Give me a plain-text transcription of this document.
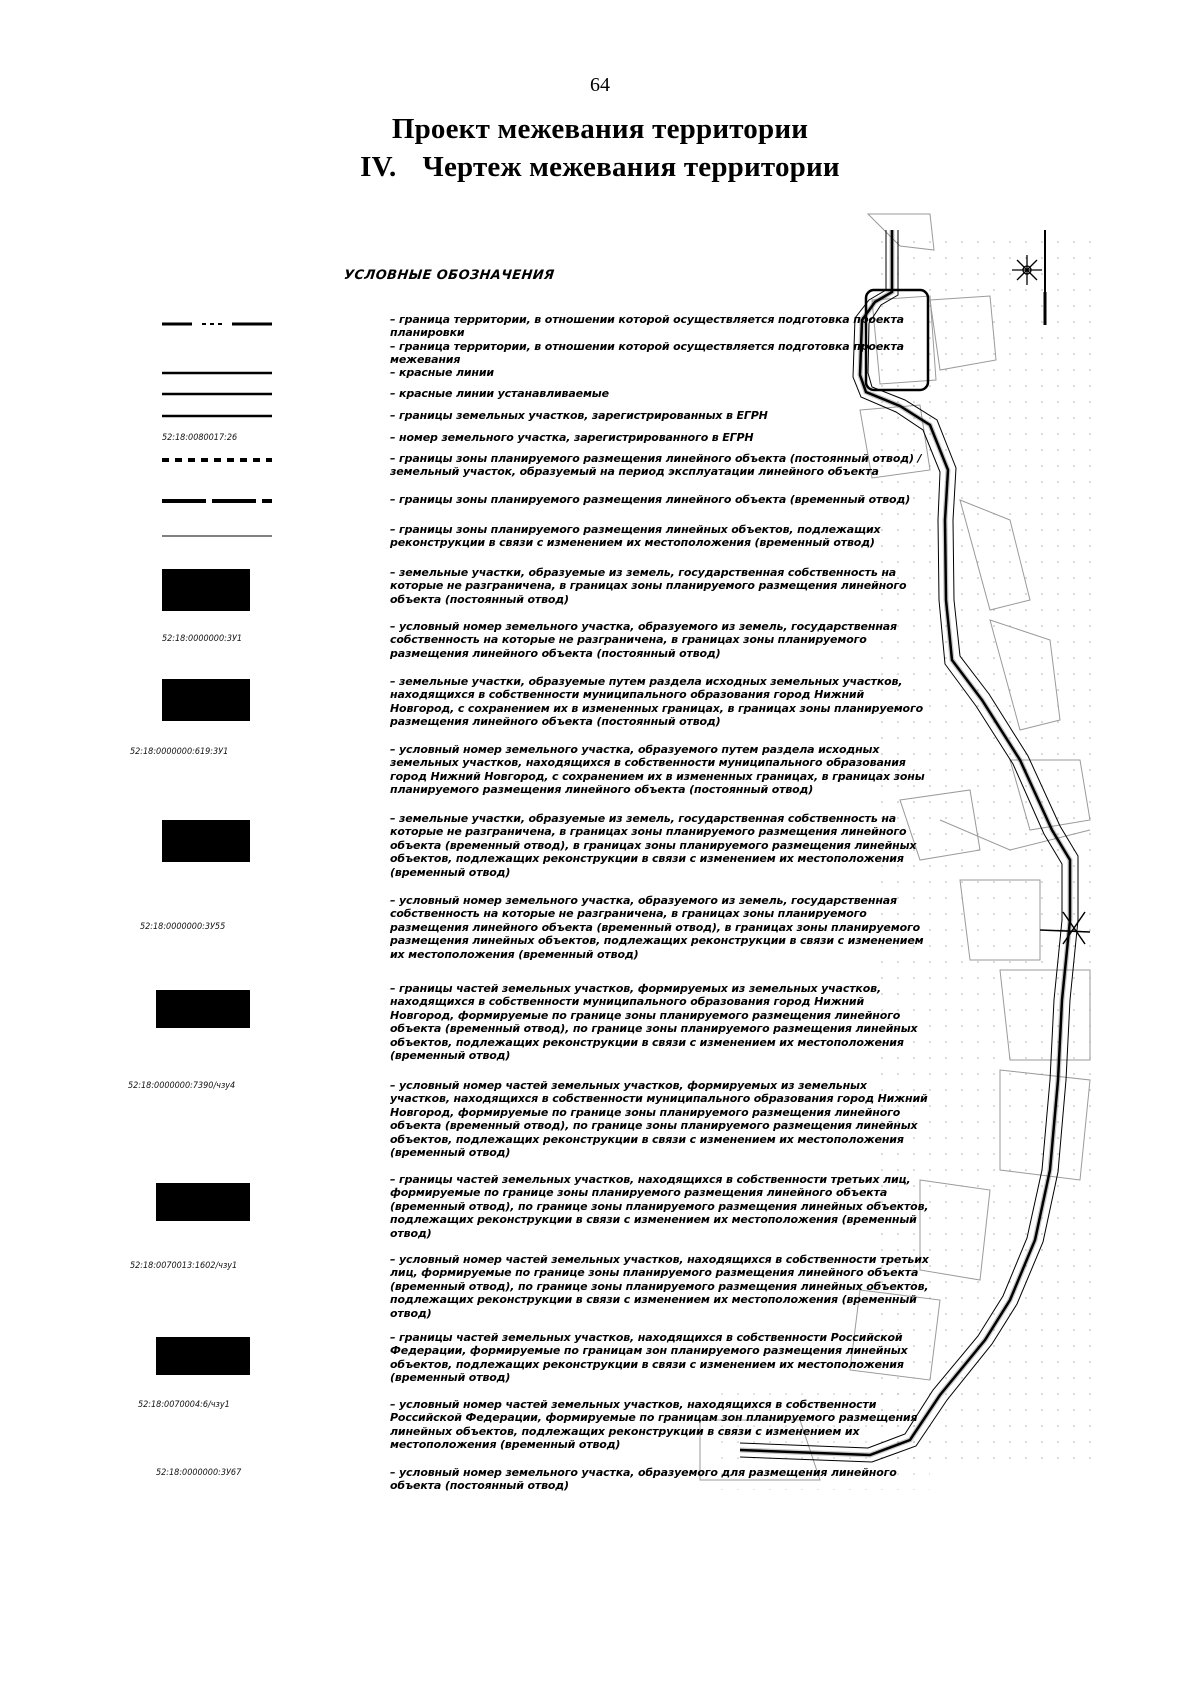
64
Проект межевания территории
IV. Чертеж межевания территории
УСЛОВНЫЕ ОБОЗНАЧЕНИЯ
– граница территории, в отношении которой осуществляется подготовка проекта планировки
– граница территории, в отношении которой осуществляется подготовка проекта межевания
– красные линии
– красные линии устанавливаемые
– границы земельных участков, зарегистрированных в ЕГРН
52:18:0080017:26	– номер земельного участка, зарегистрированного в ЕГРН
– границы зоны планируемого размещения линейного объекта (постоянный отвод) / земельный участок, образуемый на период эксплуатации линейного объекта
– границы зоны планируемого размещения линейного объекта (временный отвод)
– границы зоны планируемого размещения линейных объектов, подлежащих реконструкции в связи с изменением их местоположения (временный отвод)
– земельные участки, образуемые из земель, государственная собственность на которые не разграничена, в границах зоны планируемого размещения линейного объекта (постоянный отвод)
52:18:0000000:3У1
– условный номер земельного участка, образуемого из земель, государственная собственность на которые не разграничена, в границах зоны планируемого размещения линейного объекта (постоянный отвод)
– земельные участки, образуемые путем раздела исходных земельных участков, находящихся в собственности муниципального образования город Нижний Новгород, с сохранением их в измененных границах, в границах зоны планируемого размещения линейного объекта (постоянный отвод)
52:18:0000000:619:3У1	– условный номер земельного участка, образуемого путем раздела исходных земельных участков, находящихся в собственности муниципального образования город Нижний Новгород, с сохранением их в измененных границах, в границах зоны планируемого размещения линейного объекта (постоянный отвод)
– земельные участки, образуемые из земель, государственная собственность на которые не разграничена, в границах зоны планируемого размещения линейного объекта (временный отвод), в границах зоны планируемого размещения линейных объектов, подлежащих реконструкции в связи с изменением их местоположения (временный отвод)
52:18:0000000:3У55
– условный номер земельного участка, образуемого из земель, государственная собственность на которые не разграничена, в границах зоны планируемого размещения линейного объекта (временный отвод), в границах зоны планируемого размещения линейных объектов, подлежащих реконструкции в связи с изменением их местоположения (временный отвод)
– границы частей земельных участков, формируемых из земельных участков, находящихся в собственности муниципального образования город Нижний Новгород, формируемые по границе зоны планируемого размещения линейного объекта (временный отвод), по границе зоны планируемого размещения линейных объектов, подлежащих реконструкции в связи с изменением их местоположения (временный отвод)
52:18:0000000:7390/чзу4	– условный номер частей земельных участков, формируемых из земельных участков, находящихся в собственности муниципального образования город Нижний Новгород, формируемые по границе зоны планируемого размещения линейного объекта (временный отвод), по границе зоны планируемого размещения линейных объектов, подлежащих реконструкции в связи с изменением их местоположения (временный отвод)
– границы частей земельных участков, находящихся в собственности третьих лиц, формируемые по границе зоны планируемого размещения линейного объекта (временный отвод), по границе зоны планируемого размещения линейных объектов, подлежащих реконструкции в связи с изменением их местоположения (временный отвод)
52:18:0070013:1602/чзу1	– условный номер частей земельных участков, находящихся в собственности третьих лиц, формируемые по границе зоны планируемого размещения линейного объекта (временный отвод), по границе зоны планируемого размещения линейных объектов, подлежащих реконструкции в связи с изменением их местоположения (временный отвод)
– границы частей земельных участков, находящихся в собственности Российской Федерации, формируемые по границам зон планируемого размещения линейных объектов, подлежащих реконструкции в связи с изменением их местоположения (временный отвод)
52:18:0070004:6/чзу1	– условный номер частей земельных участков, находящихся в собственности Российской Федерации, формируемые по границам зон планируемого размещения линейных объектов, подлежащих реконструкции в связи с изменением их местоположения (временный отвод)
52:18:0000000:3У67	– условный номер земельного участка, образуемого для размещения линейного объекта (постоянный отвод)
